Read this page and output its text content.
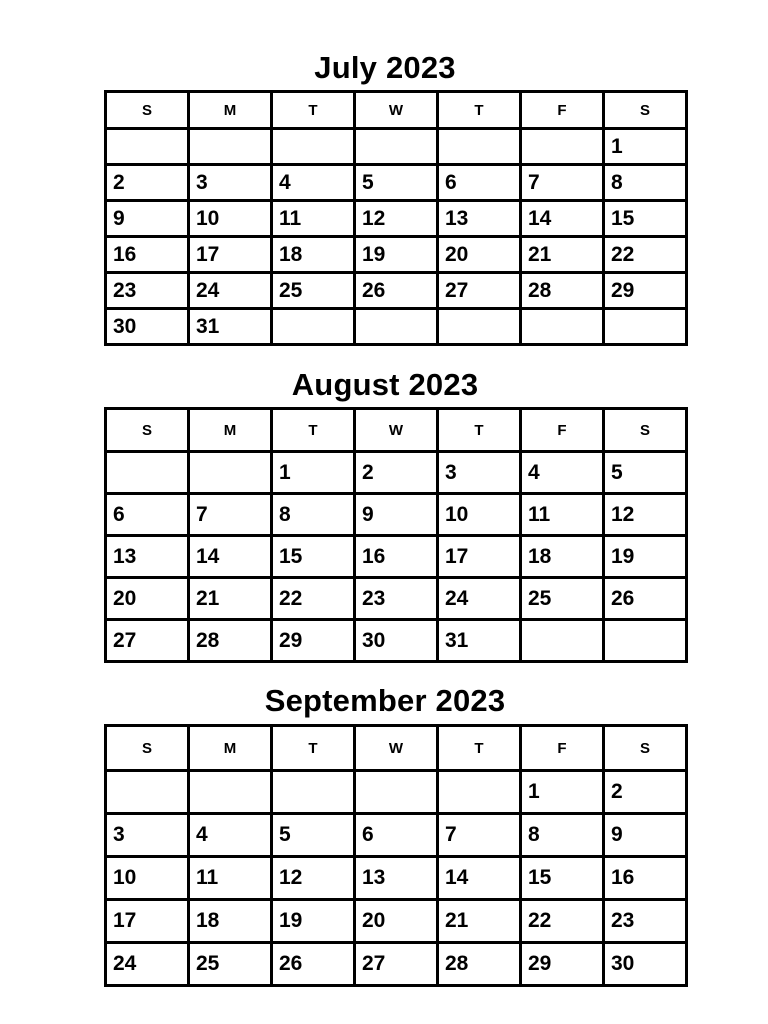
July 2023
S	M	T	W	T	F	S
						1
2	3	4	5	6	7	8
9	10	11	12	13	14	15
16	17	18	19	20	21	22
23	24	25	26	27	28	29
30	31					
August 2023
S	M	T	W	T	F	S
		1	2	3	4	5
6	7	8	9	10	11	12
13	14	15	16	17	18	19
20	21	22	23	24	25	26
27	28	29	30	31		
September 2023
S	M	T	W	T	F	S
					1	2
3	4	5	6	7	8	9
10	11	12	13	14	15	16
17	18	19	20	21	22	23
24	25	26	27	28	29	30
